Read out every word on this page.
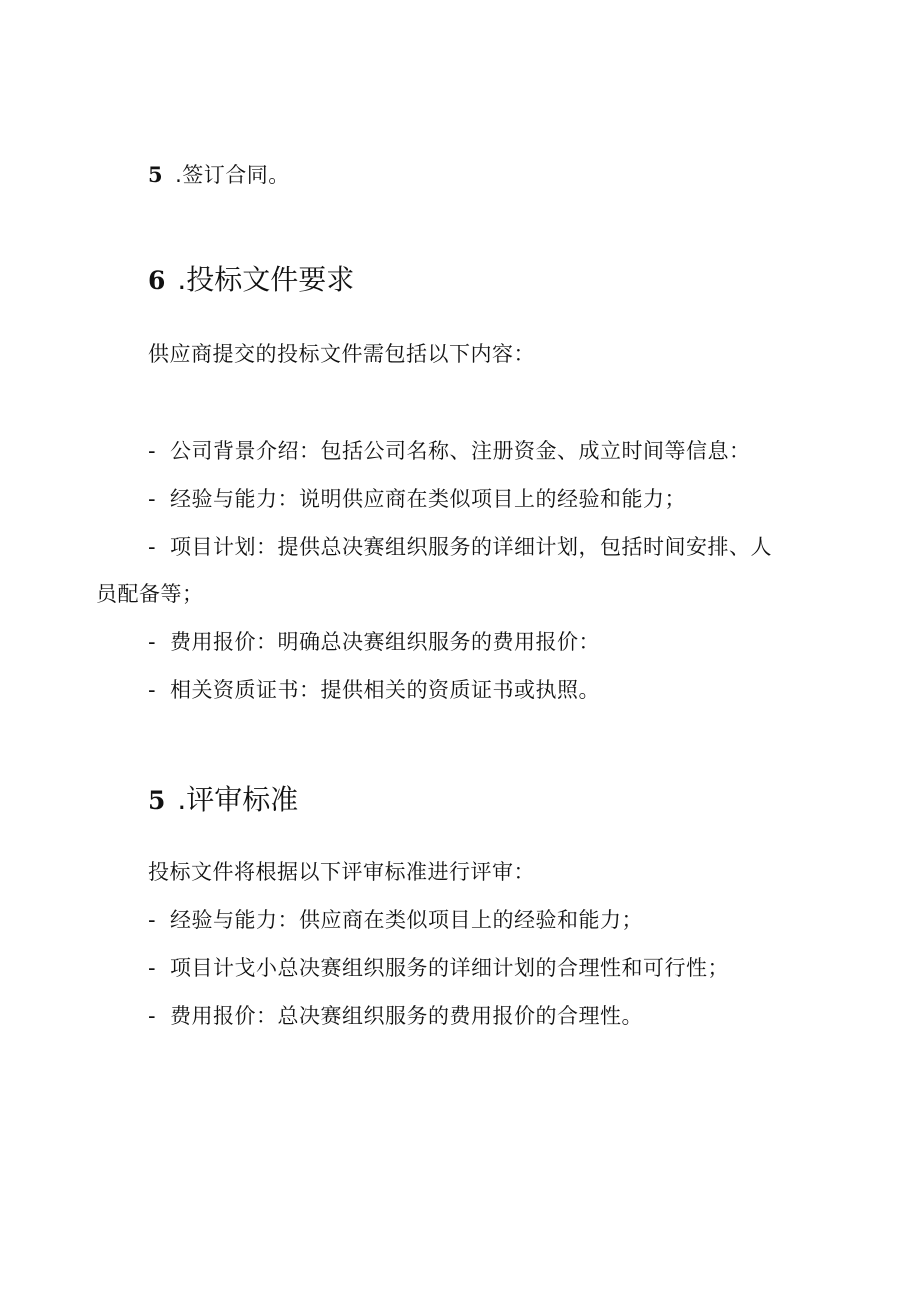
5 .签订合同。
6 .投标文件要求
供应商提交的投标文件需包括以下内容：
- 公司背景介绍：包括公司名称、注册资金、成立时间等信息：
- 经验与能力：说明供应商在类似项目上的经验和能力；
- 项目计划：提供总决赛组织服务的详细计划，包括时间安排、人
员配备等；
- 费用报价：明确总决赛组织服务的费用报价：
- 相关资质证书：提供相关的资质证书或执照。
5 .评审标准
投标文件将根据以下评审标准进行评审：
- 经验与能力：供应商在类似项目上的经验和能力；
- 项目计戈小总决赛组织服务的详细计划的合理性和可行性；
- 费用报价：总决赛组织服务的费用报价的合理性。
